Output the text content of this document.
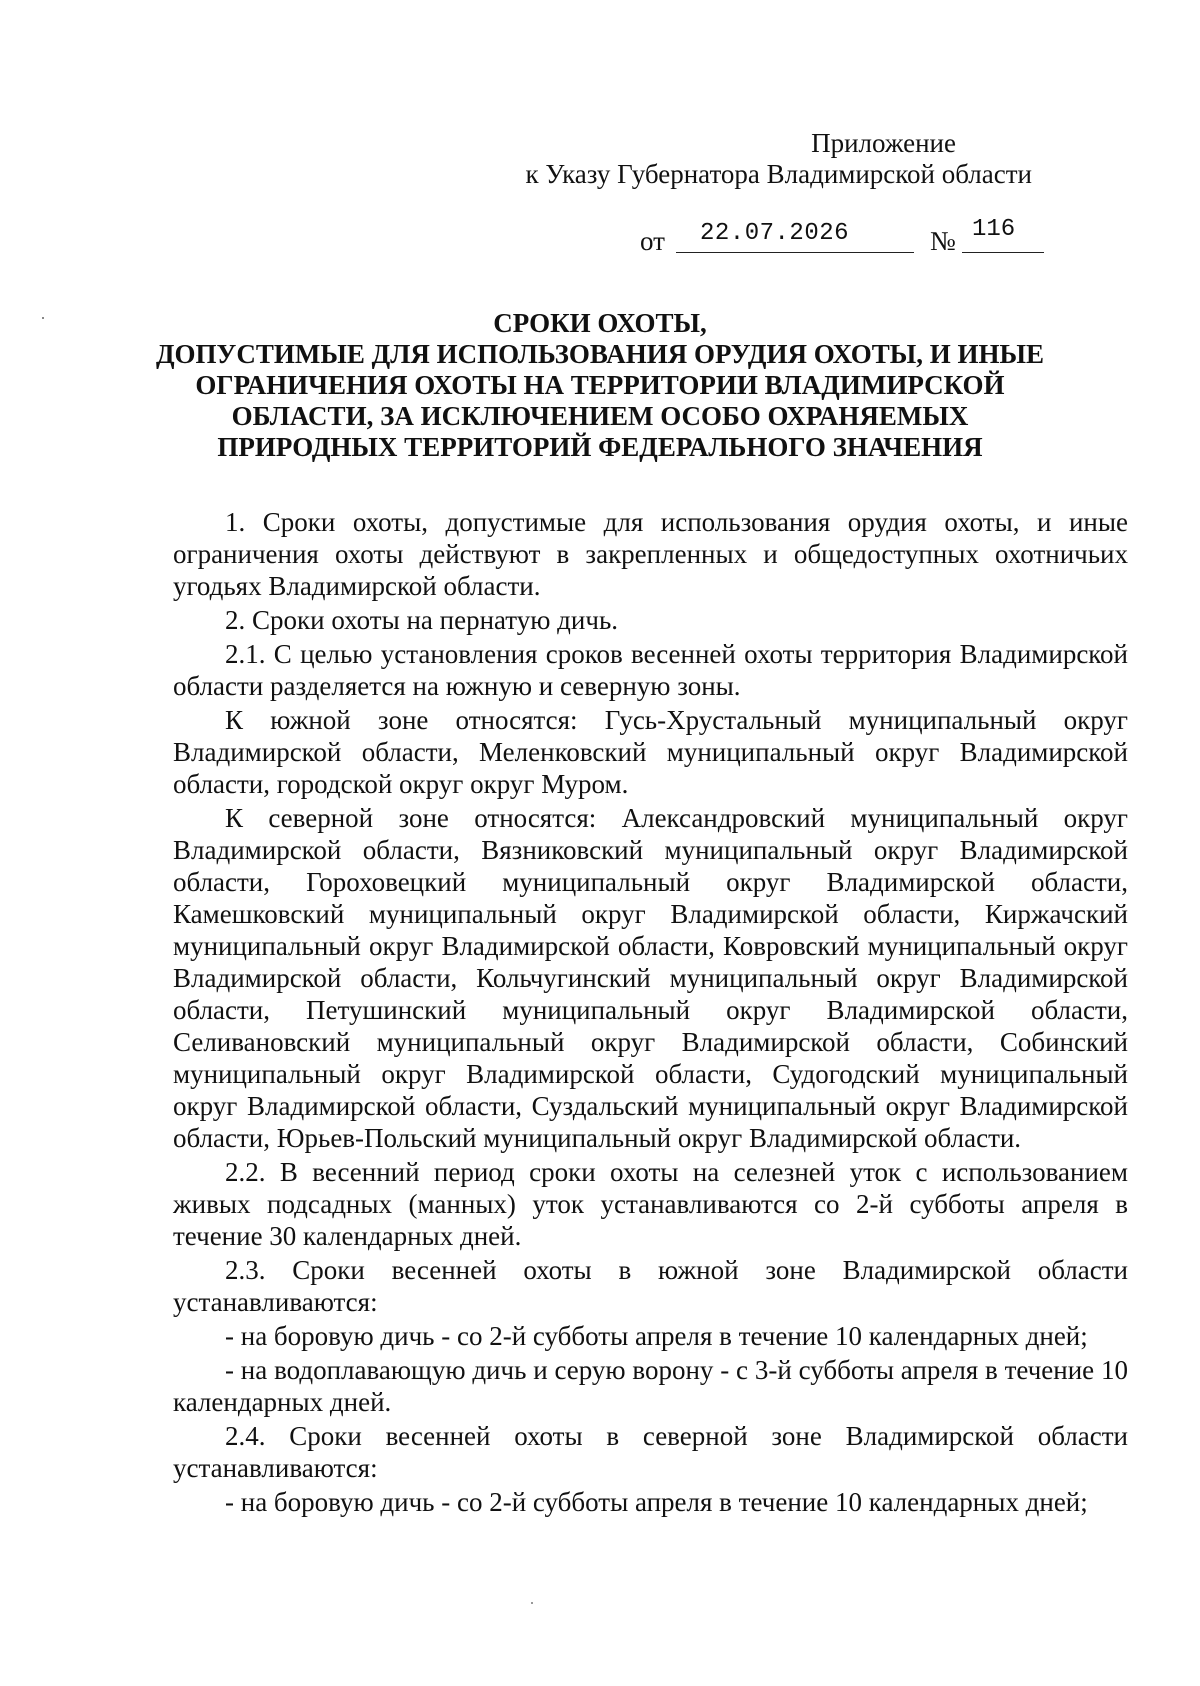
Приложение
к Указу Губернатора Владимирской области
от 22.07.2026	№ 116
СРОКИ ОХОТЫ,
ДОПУСТИМЫЕ ДЛЯ ИСПОЛЬЗОВАНИЯ ОРУДИЯ ОХОТЫ, И ИНЫЕ
ОГРАНИЧЕНИЯ ОХОТЫ НА ТЕРРИТОРИИ ВЛАДИМИРСКОЙ
ОБЛАСТИ, ЗА ИСКЛЮЧЕНИЕМ ОСОБО ОХРАНЯЕМЫХ
ПРИРОДНЫХ ТЕРРИТОРИЙ ФЕДЕРАЛЬНОГО ЗНАЧЕНИЯ

1. Сроки охоты, допустимые для использования орудия охоты, и иные ограничения охоты действуют в закрепленных и общедоступных охотничьих угодьях Владимирской области.

2. Сроки охоты на пернатую дичь.

2.1. С целью установления сроков весенней охоты территория Владимирской области разделяется на южную и северную зоны.

К южной зоне относятся: Гусь-Хрустальный муниципальный округ Владимирской области, Меленковский муниципальный округ Владимирской области, городской округ округ Муром.

К северной зоне относятся: Александровский муниципальный округ Владимирской области, Вязниковский муниципальный округ Владимирской области, Гороховецкий муниципальный округ Владимирской области, Камешковский муниципальный округ Владимирской области, Киржачский муниципальный округ Владимирской области, Ковровский муниципальный округ Владимирской области, Кольчугинский муниципальный округ Владимирской области, Петушинский муниципальный округ Владимирской области, Селивановский муниципальный округ Владимирской области, Собинский муниципальный округ Владимирской области, Судогодский муниципальный округ Владимирской области, Суздальский муниципальный округ Владимирской области, Юрьев-Польский муниципальный округ Владимирской области.

2.2. В весенний период сроки охоты на селезней уток с использованием живых подсадных (манных) уток устанавливаются со 2-й субботы апреля в течение 30 календарных дней.

2.3. Сроки весенней охоты в южной зоне Владимирской области устанавливаются:

- на боровую дичь - со 2-й субботы апреля в течение 10 календарных дней;

- на водоплавающую дичь и серую ворону - с 3-й субботы апреля в течение 10 календарных дней.

2.4. Сроки весенней охоты в северной зоне Владимирской области устанавливаются:

- на боровую дичь - со 2-й субботы апреля в течение 10 календарных дней;
